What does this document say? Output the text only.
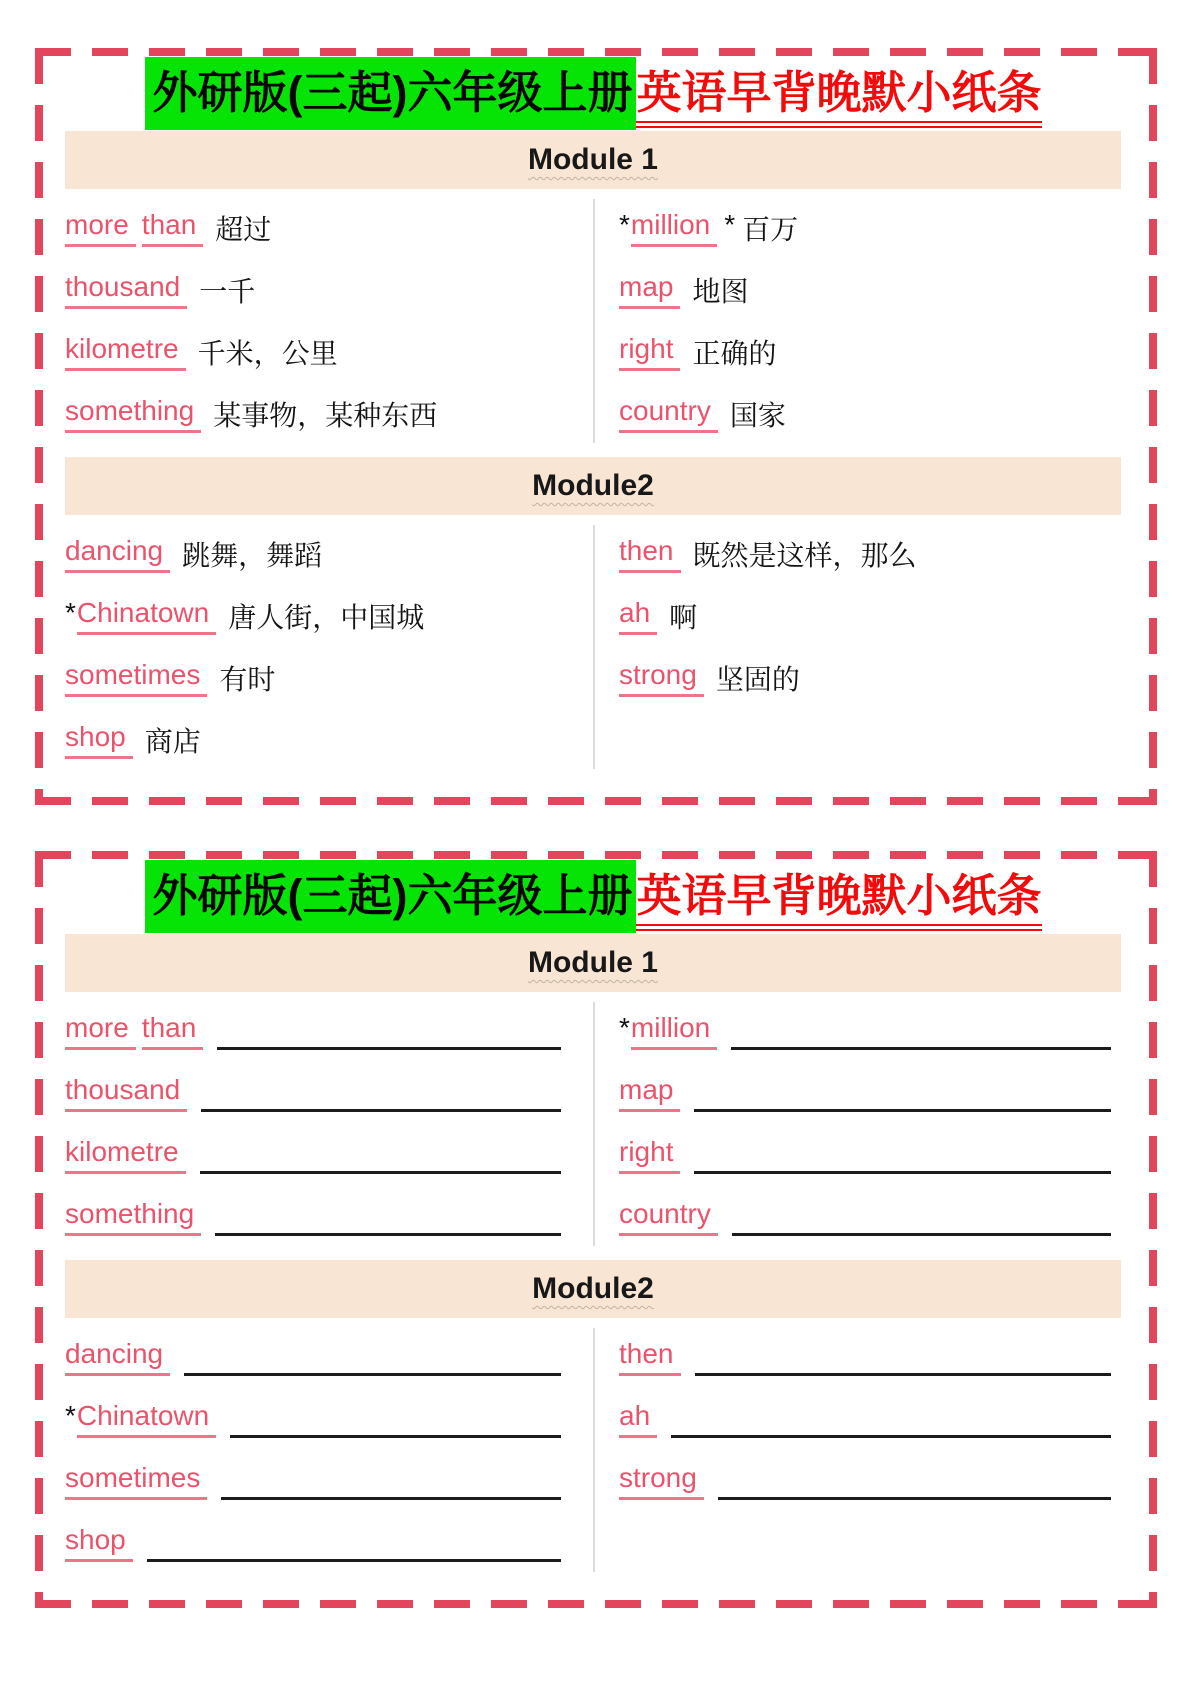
外研版(三起)六年级上册英语早背晚默小纸条
Module 1
more than 超过
thousand 一千
kilometre 千米，公里
something 某事物，某种东西
* million * 百万
map 地图
right 正确的
country 国家
Module2
dancing 跳舞，舞蹈
* Chinatown 唐人街，中国城
sometimes 有时
shop 商店
then 既然是这样，那么
ah 啊
strong 坚固的
外研版(三起)六年级上册英语早背晚默小纸条
Module 1
more than
thousand
kilometre
something
* million
map
right
country
Module2
dancing
* Chinatown
sometimes
shop
then
ah
strong
